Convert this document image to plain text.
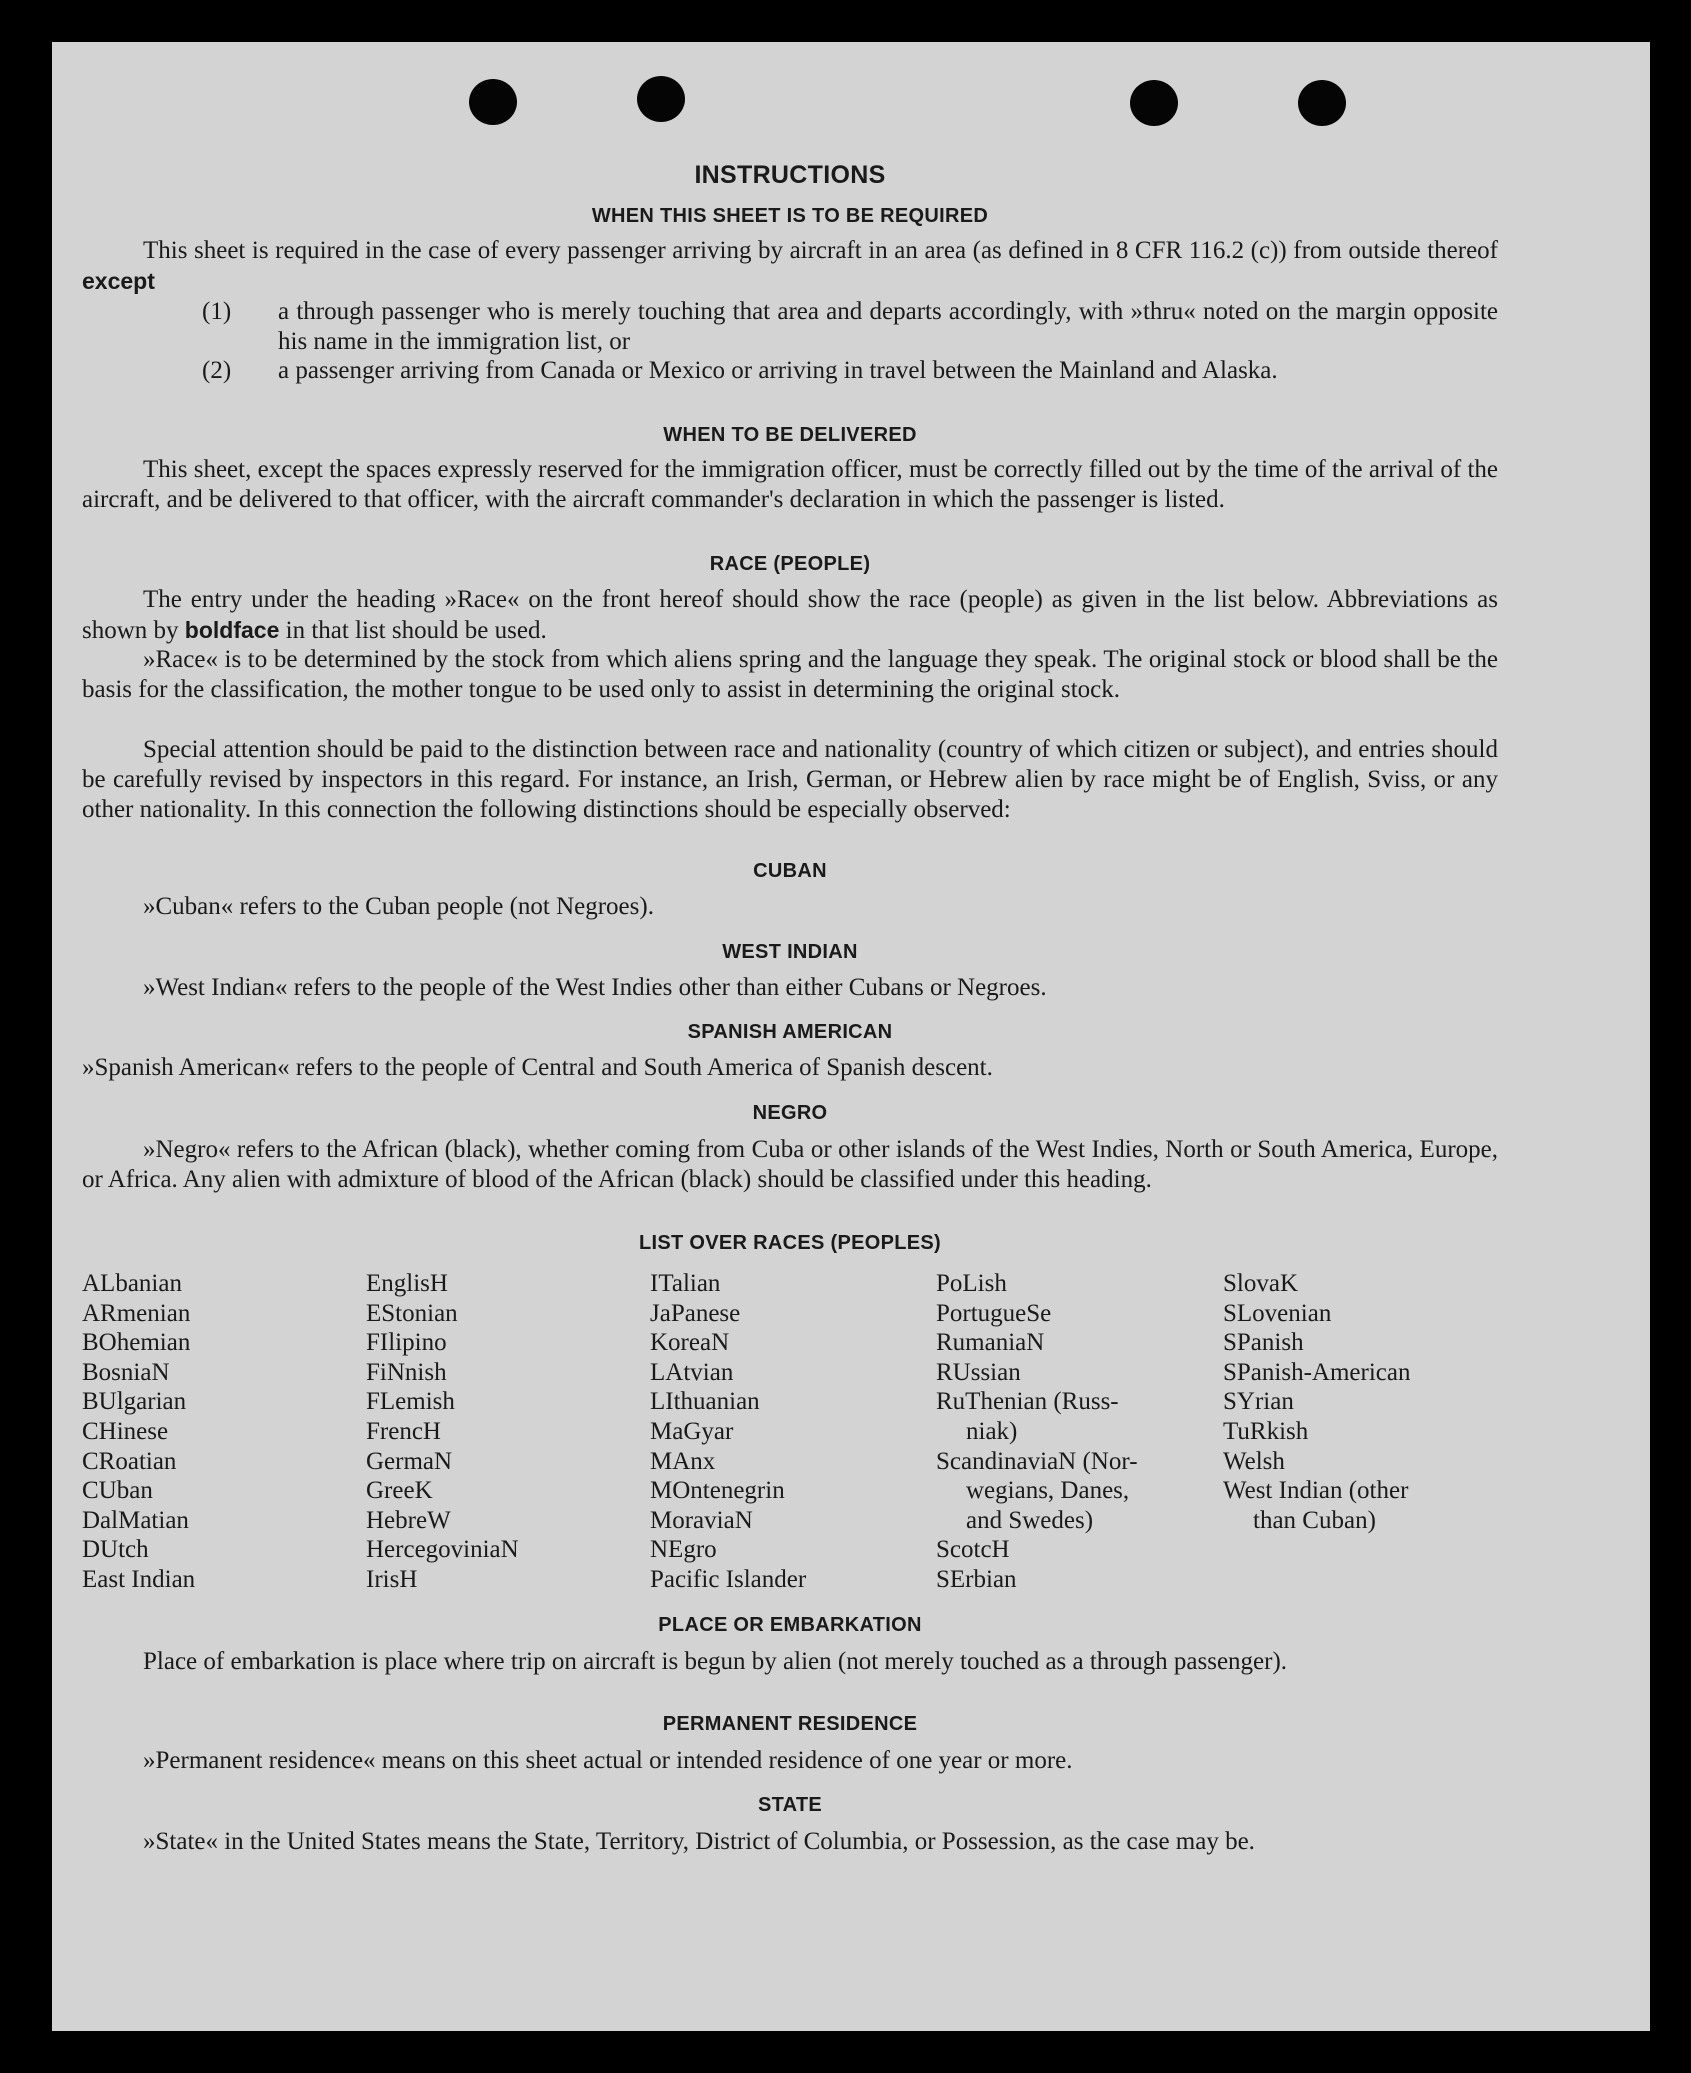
INSTRUCTIONS
WHEN THIS SHEET IS TO BE REQUIRED
This sheet is required in the case of every passenger arriving by aircraft in an area (as defined in 8 CFR 116.2 (c)) from outside thereof except
(1) a through passenger who is merely touching that area and departs accordingly, with »thru« noted on the margin opposite his name in the immigration list, or
(2) a passenger arriving from Canada or Mexico or arriving in travel between the Mainland and Alaska.
WHEN TO BE DELIVERED
This sheet, except the spaces expressly reserved for the immigration officer, must be correctly filled out by the time of the arrival of the aircraft, and be delivered to that officer, with the aircraft commander's declaration in which the passenger is listed.
RACE (PEOPLE)
The entry under the heading »Race« on the front hereof should show the race (people) as given in the list below. Abbreviations as shown by boldface in that list should be used.
»Race« is to be determined by the stock from which aliens spring and the language they speak. The original stock or blood shall be the basis for the classification, the mother tongue to be used only to assist in determining the original stock.
Special attention should be paid to the distinction between race and nationality (country of which citizen or subject), and entries should be carefully revised by inspectors in this regard. For instance, an Irish, German, or Hebrew alien by race might be of English, Sviss, or any other nationality. In this connection the following distinctions should be especially observed:
CUBAN
»Cuban« refers to the Cuban people (not Negroes).
WEST INDIAN
»West Indian« refers to the people of the West Indies other than either Cubans or Negroes.
SPANISH AMERICAN
»Spanish American« refers to the people of Central and South America of Spanish descent.
NEGRO
»Negro« refers to the African (black), whether coming from Cuba or other islands of the West Indies, North or South America, Europe, or Africa. Any alien with admixture of blood of the African (black) should be classified under this heading.
LIST OVER RACES (PEOPLES)
ALbanian
ARmenian
BOhemian
BosniaN
BUlgarian
CHinese
CRoatian
CUban
DalMatian
DUtch
East Indian
EnglisH
EStonian
FIlipino
FiNnish
FLemish
FrencH
GermaN
GreeK
HebreW
HercegoviniaN
IrisH
ITalian
JaPanese
KoreaN
LAtvian
LIthuanian
MaGyar
MAnx
MOntenegrin
MoraviaN
NEgro
Pacific Islander
PoLish
PortugueSe
RumaniaN
RUssian
RuThenian (Russ-
niak)
ScandinaviaN (Nor-
wegians, Danes,
and Swedes)
ScotcH
SErbian
SlovaK
SLovenian
SPanish
SPanish-American
SYrian
TuRkish
Welsh
West Indian (other
than Cuban)
PLACE OR EMBARKATION
Place of embarkation is place where trip on aircraft is begun by alien (not merely touched as a through passenger).
PERMANENT RESIDENCE
»Permanent residence« means on this sheet actual or intended residence of one year or more.
STATE
»State« in the United States means the State, Territory, District of Columbia, or Possession, as the case may be.
